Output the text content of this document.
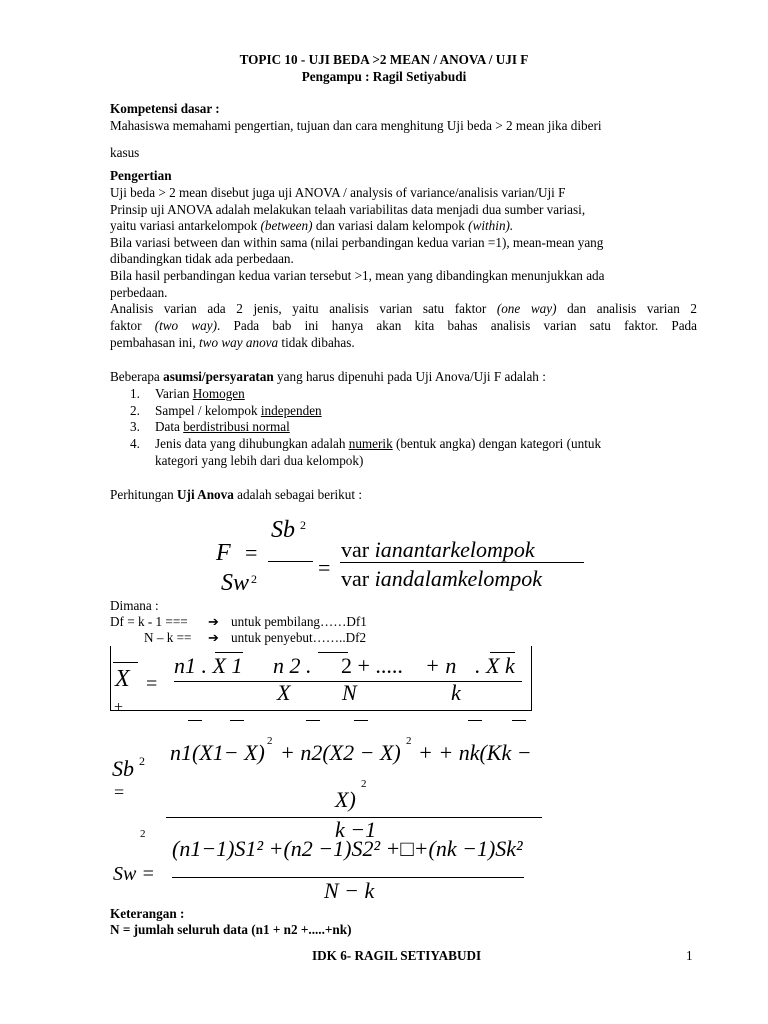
TOPIC 10 - UJI BEDA >2 MEAN / ANOVA / UJI F
Pengampu : Ragil Setiyabudi
Kompetensi dasar :
Mahasiswa memahami pengertian, tujuan dan cara menghitung Uji beda > 2 mean jika diberi
kasus
Pengertian
Uji beda > 2 mean disebut juga uji ANOVA / analysis of variance/analisis varian/Uji F
Prinsip uji ANOVA adalah melakukan telaah variabilitas data menjadi dua sumber variasi,
yaitu variasi antarkelompok (between) dan variasi dalam kelompok (within).
Bila variasi between dan within sama (nilai perbandingan kedua varian =1), mean-mean yang
dibandingkan tidak ada perbedaan.
Bila hasil perbandingan kedua varian tersebut >1, mean yang dibandingkan menunjukkan ada
perbedaan.
Analisis varian ada 2 jenis, yaitu analisis varian satu faktor (one way) dan analisis varian 2
faktor (two way). Pada bab ini hanya akan kita bahas analisis varian satu faktor. Pada
pembahasan ini, two way anova tidak dibahas.
Beberapa asumsi/persyaratan yang harus dipenuhi pada Uji Anova/Uji F adalah :
1. Varian Homogen
2. Sampel / kelompok independen
3. Data berdistribusi normal
4. Jenis data yang dihubungkan adalah numerik (bentuk angka) dengan kategori (untuk
kategori yang lebih dari dua kelompok)
Perhitungan Uji Anova adalah sebagai berikut :
F =
Sb 2
Sw 2	=
var ianantarkelompok
var iandalamkelompok
Dimana :
Df = k - 1 === ➔ untuk pembilang……Df1
N – k == ➔ untuk penyebut……..Df2
X =
+
n1 . X 1 n 2 . 2 + ..... + n . X k
X N	k
Sb 2
=
n1(X1− X) 2 + n2(X2 − X) 2 + + nk(Kk −
X)
2
k −1
2
Sw =
(n1−1)S1² +(n2 −1)S2² +□+(nk −1)Sk²
N − k
Keterangan :
N = jumlah seluruh data (n1 + n2 +.....+nk)
IDK 6- RAGIL SETIYABUDI	1
